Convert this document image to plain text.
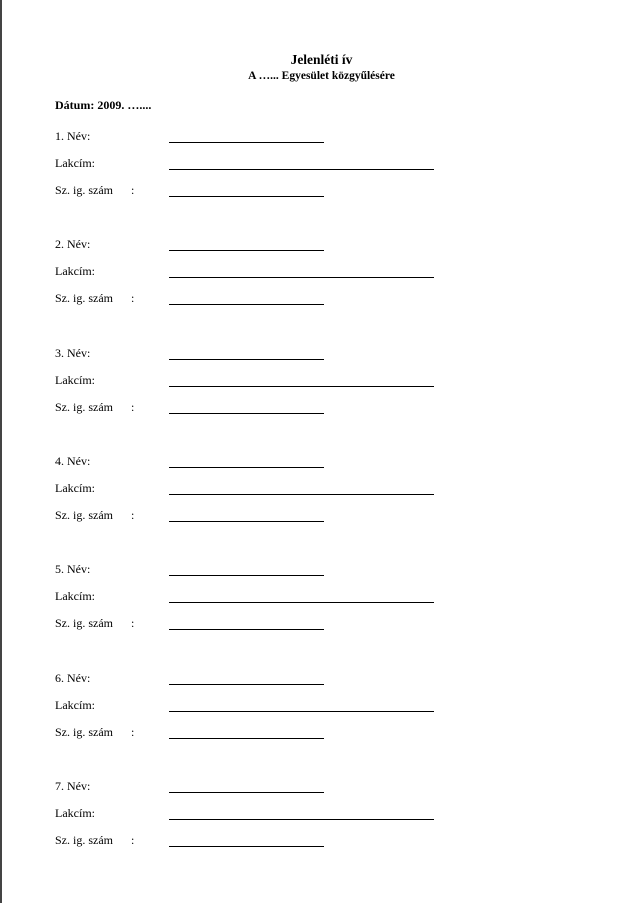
Jelenléti ív
A …... Egyesület közgyűlésére
Dátum: 2009. …....
1. Név:
Lakcím:
Sz. ig. szám :
2. Név:
Lakcím:
Sz. ig. szám :
3. Név:
Lakcím:
Sz. ig. szám :
4. Név:
Lakcím:
Sz. ig. szám :
5. Név:
Lakcím:
Sz. ig. szám :
6. Név:
Lakcím:
Sz. ig. szám :
7. Név:
Lakcím:
Sz. ig. szám :
